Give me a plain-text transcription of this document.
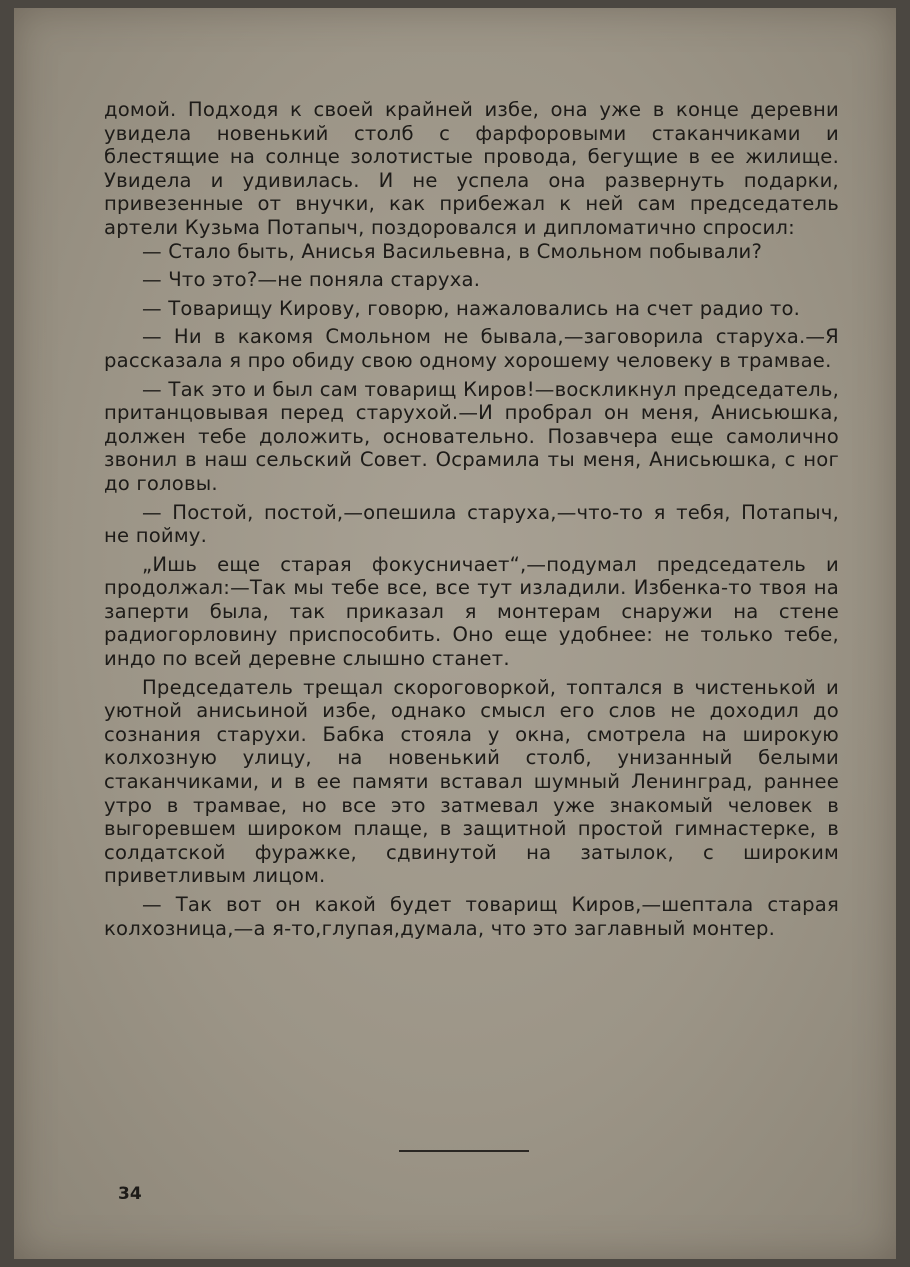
домой. Подходя к своей крайней избе, она уже в конце деревни увидела новенький столб с фарфоровыми стаканчиками и блестящие на солнце золотистые провода, бегущие в ее жилище. Увидела и удивилась. И не успела она развернуть подарки, привезенные от внучки, как прибежал к ней сам председатель артели Кузьма Потапыч, поздоровался и дипломатично спросил:

— Стало быть, Анисья Васильевна, в Смольном побывали?

— Что это?—не поняла старуха.

— Товарищу Кирову, говорю, нажаловались на счет радио то.

— Ни в какомя Смольном не бывала,—заговорила старуха.—Я рассказала я про обиду свою одному хорошему человеку в трамвае.

— Так это и был сам товарищ Киров!—воскликнул председатель, пританцовывая перед старухой.—И пробрал он меня, Анисьюшка, должен тебе доложить, основательно. Позавчера еще самолично звонил в наш сельский Совет. Осрамила ты меня, Анисьюшка, с ног до головы.

— Постой, постой,—опешила старуха,—что-то я тебя, Потапыч, не пойму.

„Ишь еще старая фокусничает“,—подумал председатель и продолжал:—Так мы тебе все, все тут изладили. Избенка-то твоя на заперти была, так приказал я монтерам снаружи на стене радиогорловину приспособить. Оно еще удобнее: не только тебе, индо по всей деревне слышно станет.

Председатель трещал скороговоркой, топтался в чистенькой и уютной анисьиной избе, однако смысл его слов не доходил до сознания старухи. Бабка стояла у окна, смотрела на широкую колхозную улицу, на новенький столб, унизанный белыми стаканчиками, и в ее памяти вставал шумный Ленинград, раннее утро в трамвае, но все это затмевал уже знакомый человек в выгоревшем широком плаще, в защитной простой гимнастерке, в солдатской фуражке, сдвинутой на затылок, с широким приветливым лицом.

— Так вот он какой будет товарищ Киров,—шептала старая колхозница,—а я-то,глупая,думала, что это заглавный монтер.

34
